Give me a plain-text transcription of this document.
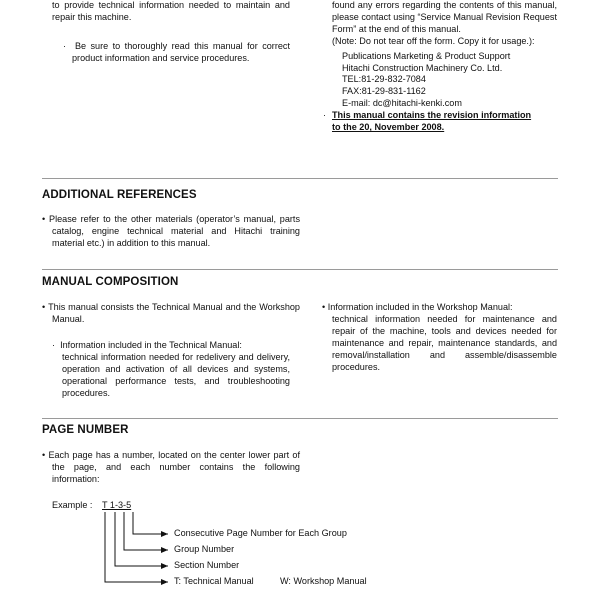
to provide technical information needed to maintain and repair this machine.
·  Be sure to thoroughly read this manual for correct product information and service procedures.
found any errors regarding the contents of this manual, please contact using “Service Manual Revision Request Form” at the end of this manual.
(Note: Do not tear off the form. Copy it for usage.):
Publications Marketing & Product Support
Hitachi Construction Machinery Co. Ltd.
TEL:81-29-832-7084
FAX:81-29-831-1162
E-mail: dc@hitachi-kenki.com
· This manual contains the revision information
to the 20, November 2008.
ADDITIONAL REFERENCES
• Please refer to the other materials (operator’s manual, parts catalog, engine technical material and Hitachi training material etc.) in addition to this manual.
MANUAL COMPOSITION
• This manual consists the Technical Manual and the Workshop Manual.
·  Information included in the Technical Manual:
technical information needed for redelivery and delivery, operation and activation of all devices and systems, operational performance tests, and troubleshooting procedures.
• Information included in the Workshop Manual:
technical information needed for maintenance and repair of the machine, tools and devices needed for maintenance and repair, maintenance standards, and removal/installation and assemble/disassemble procedures.
PAGE NUMBER
• Each page has a number, located on the center lower part of the page, and each number contains the following information:
Example : T 1-3-5
Consecutive Page Number for Each Group
Group Number
Section Number
T: Technical Manual	W: Workshop Manual
